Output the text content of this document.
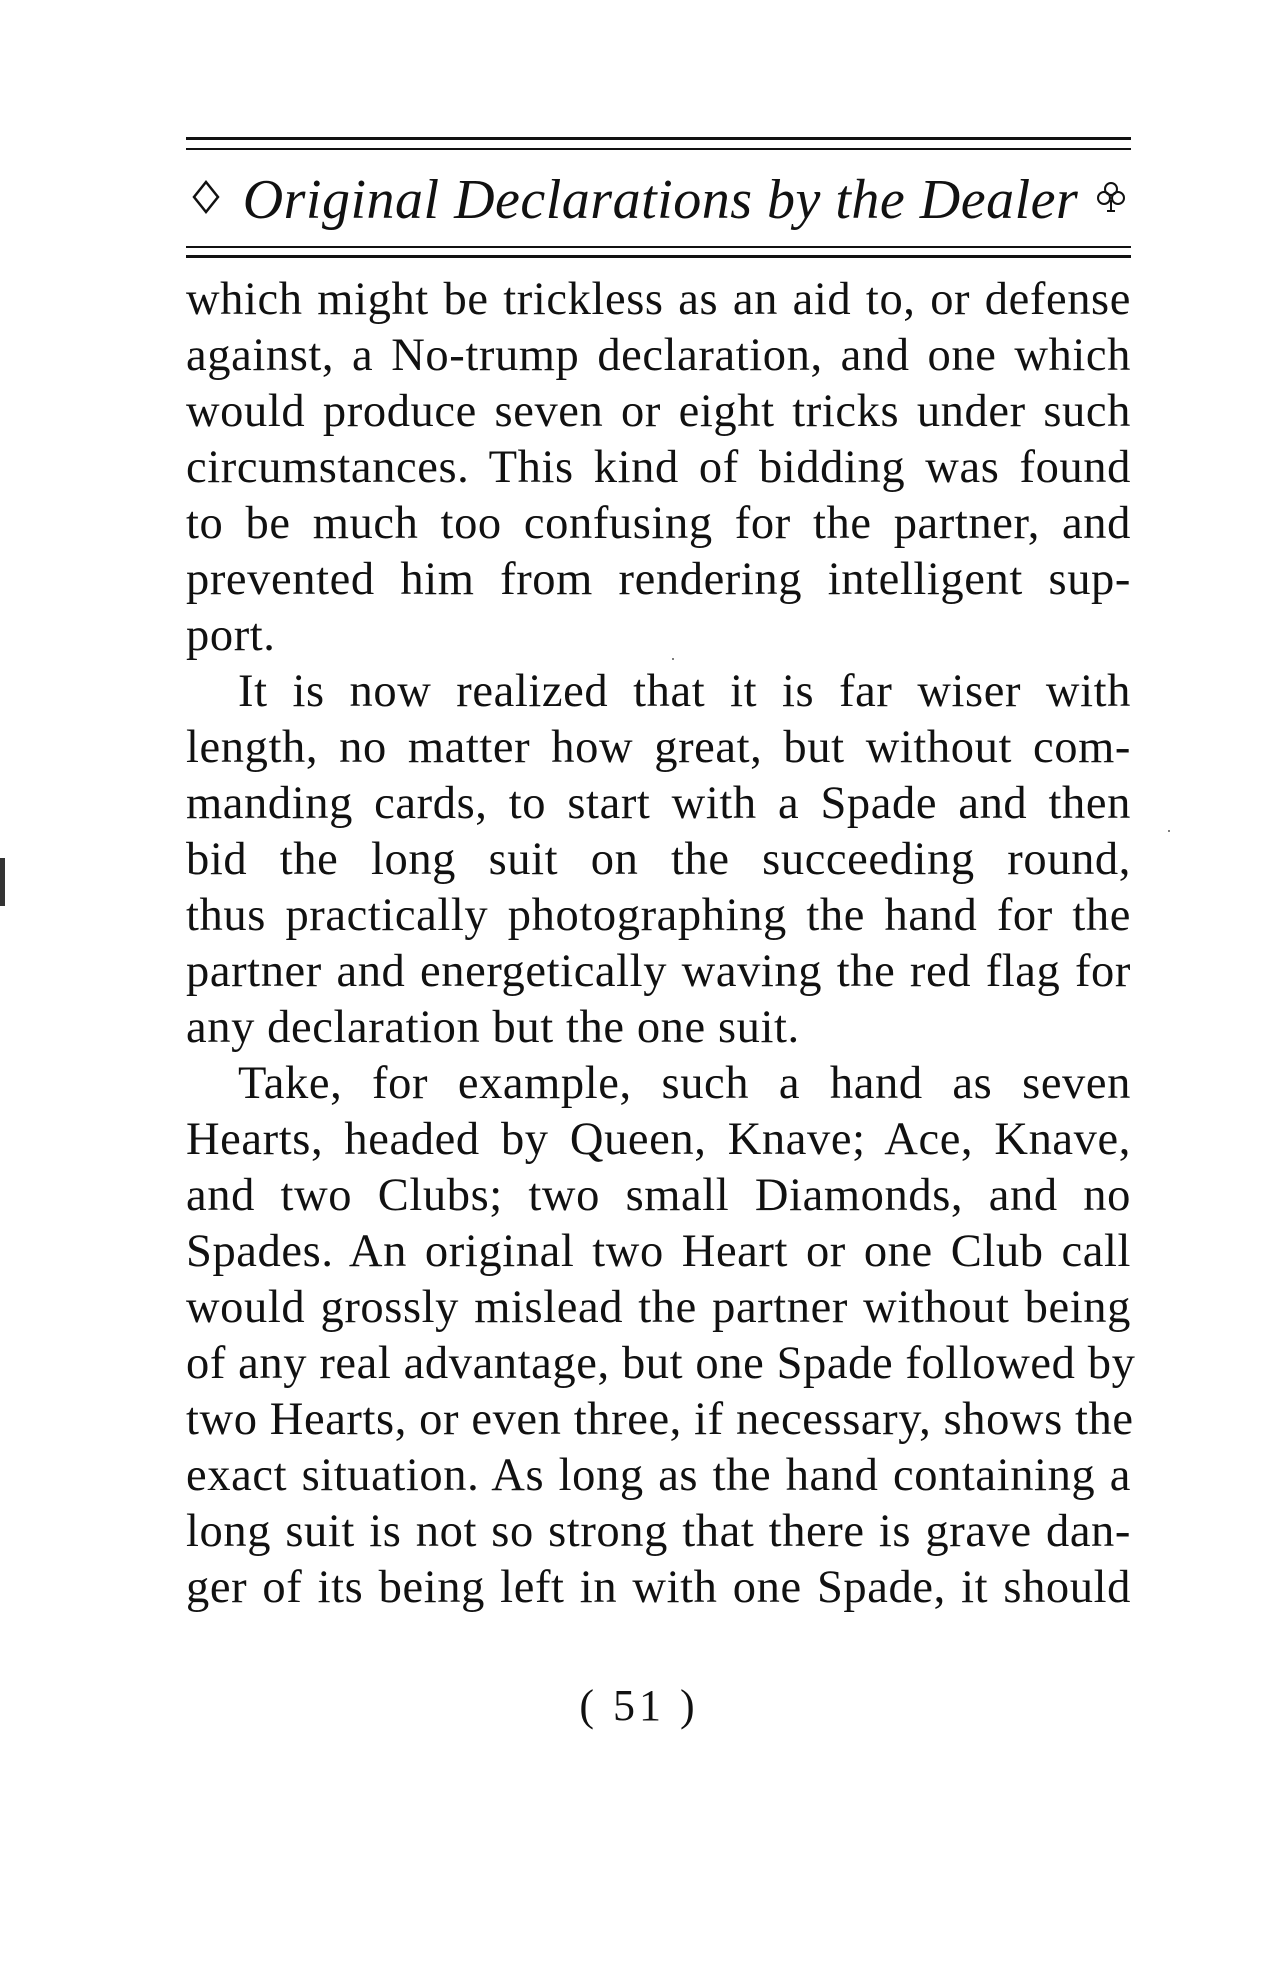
Original Declarations by the Dealer
which might be trickless as an aid to, or defense
against, a No-trump declaration, and one which
would produce seven or eight tricks under such
circumstances. This kind of bidding was found
to be much too confusing for the partner, and
prevented him from rendering intelligent sup-
port.
It is now realized that it is far wiser with
length, no matter how great, but without com-
manding cards, to start with a Spade and then
bid the long suit on the succeeding round,
thus practically photographing the hand for the
partner and energetically waving the red flag for
any declaration but the one suit.
Take, for example, such a hand as seven
Hearts, headed by Queen, Knave; Ace, Knave,
and two Clubs; two small Diamonds, and no
Spades. An original two Heart or one Club call
would grossly mislead the partner without being
of any real advantage, but one Spade followed by
two Hearts, or even three, if necessary, shows the
exact situation. As long as the hand containing a
long suit is not so strong that there is grave dan-
ger of its being left in with one Spade, it should
( 51 )
